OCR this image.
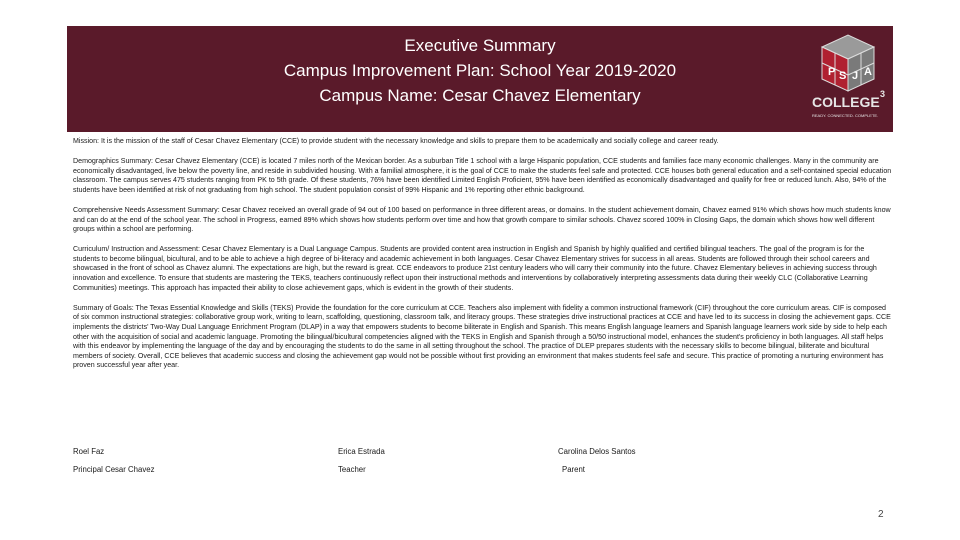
Executive Summary
Campus Improvement Plan: School Year 2019-2020
Campus Name: Cesar Chavez Elementary
P S J A
COLLEGE 3
READY. CONNECTED. COMPLETE.

Mission: It is the mission of the staff of Cesar Chavez Elementary (CCE) to provide student with the necessary knowledge and skills to prepare them to be academically and socially college and career ready.

Demographics Summary: Cesar Chavez Elementary (CCE) is located 7 miles north of the Mexican border. As a suburban Title 1 school with a large Hispanic population, CCE students and families face many economic challenges. Many in the community are economically disadvantaged, live below the poverty line, and reside in subdivided housing. With a familial atmosphere, it is the goal of CCE to make the students feel safe and protected. CCE houses both general education and a self-contained special education classroom. The campus serves 475 students ranging from PK to 5th grade. Of these students, 76% have been identified Limited English Proficient, 95% have been identified as economically disadvantaged and qualify for free or reduced lunch. Also, 94% of the students have been identified at risk of not graduating from high school. The student population consist of 99% Hispanic and 1% reporting other ethnic background.

Comprehensive Needs Assessment Summary: Cesar Chavez received an overall grade of 94 out of 100 based on performance in three different areas, or domains. In the student achievement domain, Chavez earned 91% which shows how much students know and can do at the end of the school year. The school in Progress, earned 89% which shows how students perform over time and how that growth compare to similar schools. Chavez scored 100% in Closing Gaps, the domain which shows how well different groups within a school are performing.

Curriculum/ Instruction and Assessment: Cesar Chavez Elementary is a Dual Language Campus. Students are provided content area instruction in English and Spanish by highly qualified and certified bilingual teachers. The goal of the program is for the students to become bilingual, bicultural, and to be able to achieve a high degree of bi-literacy and academic achievement in both languages. Cesar Chavez Elementary strives for success in all areas. Students are followed through their school careers and showcased in the front of school as Chavez alumni. The expectations are high, but the reward is great. CCE endeavors to produce 21st century leaders who will carry their community into the future. Chavez Elementary believes in achieving success through innovation and excellence. To ensure that students are mastering the TEKS, teachers continuously reflect upon their instructional methods and interventions by collaboratively interpreting assessments data during their weekly CLC (Collaborative Learning Communities) meetings. This approach has impacted their ability to close achievement gaps, which is evident in the growth of their students.

Summary of Goals: The Texas Essential Knowledge and Skills (TEKS) Provide the foundation for the core curriculum at CCE. Teachers also implement with fidelity a common instructional framework (CIF) throughout the core curriculum areas. CIF is composed of six common instructional strategies: collaborative group work, writing to learn, scaffolding, questioning, classroom talk, and literacy groups. These strategies drive instructional practices at CCE and have led to its success in closing the achievement gaps. CCE implements the districts' Two-Way Dual Language Enrichment Program (DLAP) in a way that empowers students to become biliterate in English and Spanish. This means English language learners and Spanish language learners work side by side to help each other with the acquisition of social and academic language. Promoting the bilingual/bicultural competencies aligned with the TEKS in English and Spanish through a 50/50 instructional model, enhances the student's proficiency in both languages. All staff helps with this endeavor by implementing the language of the day and by encouraging the students to do the same in all setting throughout the school. The practice of DLEP prepares students with the necessary skills to become bilingual, biliterate and bicultural members of society. Overall, CCE believes that academic success and closing the achievement gap would not be possible without first providing an environment that makes students feel safe and secure. This practice of promoting a nurturing environment has proven successful year after year.

Roel Faz
Principal Cesar Chavez
Erica Estrada
Teacher
Carolina Delos Santos
Parent
2
